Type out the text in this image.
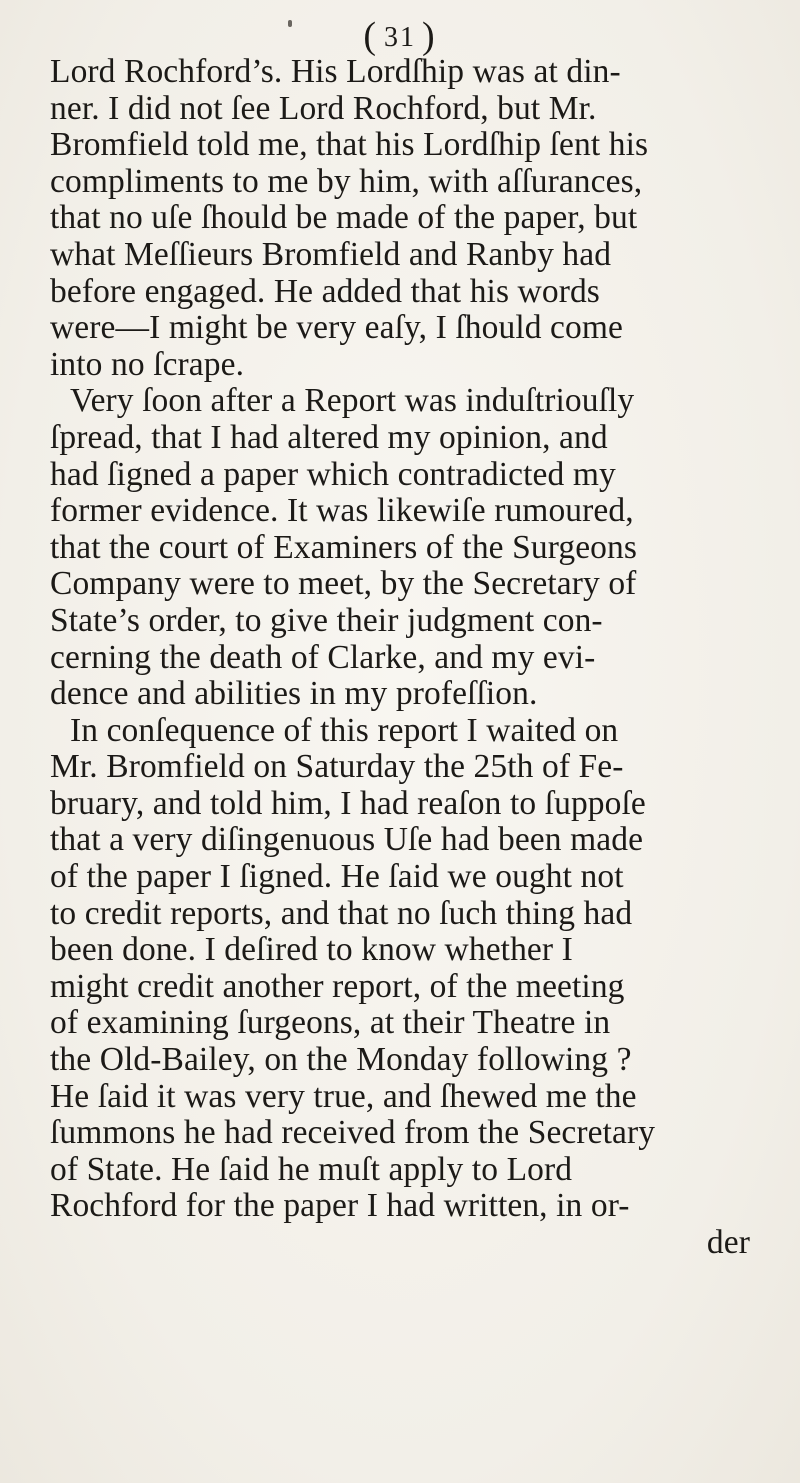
( 31 )
Lord Rochford’s. His Lordſhip was at din-
ner. I did not ſee Lord Rochford, but Mr.
Bromfield told me, that his Lordſhip ſent his
compliments to me by him, with aſſurances,
that no uſe ſhould be made of the paper, but
what Meſſieurs Bromfield and Ranby had
before engaged. He added that his words
were—I might be very eaſy, I ſhould come
into no ſcrape.
Very ſoon after a Report was induſtriouſly
ſpread, that I had altered my opinion, and
had ſigned a paper which contradicted my
former evidence. It was likewiſe rumoured,
that the court of Examiners of the Surgeons
Company were to meet, by the Secretary of
State’s order, to give their judgment con-
cerning the death of Clarke, and my evi-
dence and abilities in my profeſſion.
In conſequence of this report I waited on
Mr. Bromfield on Saturday the 25th of Fe-
bruary, and told him, I had reaſon to ſuppoſe
that a very diſingenuous Uſe had been made
of the paper I ſigned. He ſaid we ought not
to credit reports, and that no ſuch thing had
been done. I deſired to know whether I
might credit another report, of the meeting
of examining ſurgeons, at their Theatre in
the Old-Bailey, on the Monday following ?
He ſaid it was very true, and ſhewed me the
ſummons he had received from the Secretary
of State. He ſaid he muſt apply to Lord
Rochford for the paper I had written, in or-
der
